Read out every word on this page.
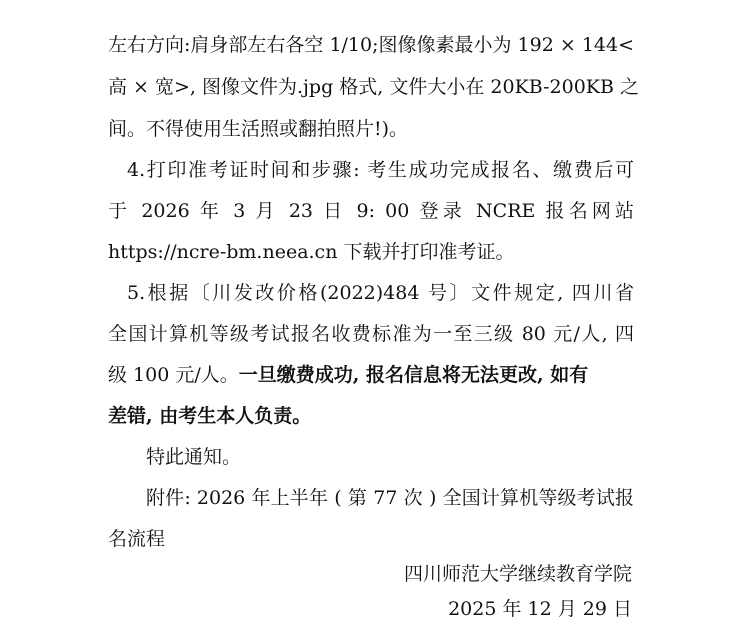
左右方向:肩身部左右各空 1/10;图像像素最小为 192 × 144<
高 × 宽>, 图像文件为.jpg 格式, 文件大小在 20KB-200KB 之
间。不得使用生活照或翻拍照片!)。
4.打印准考证时间和步骤: 考生成功完成报名、缴费后可
于 2026 年 3 月 23 日 9: 00 登录 NCRE 报名网站
https://ncre-bm.neea.cn 下载并打印准考证。
5.根据〔川发改价格(2022)484 号〕文件规定, 四川省
全国计算机等级考试报名收费标准为一至三级 80 元/人, 四
级 100 元/人。一旦缴费成功, 报名信息将无法更改, 如有
差错, 由考生本人负责。
特此通知。
附件: 2026 年上半年 ( 第 77 次 ) 全国计算机等级考试报
名流程
四川师范大学继续教育学院
2025 年 12 月 29 日
